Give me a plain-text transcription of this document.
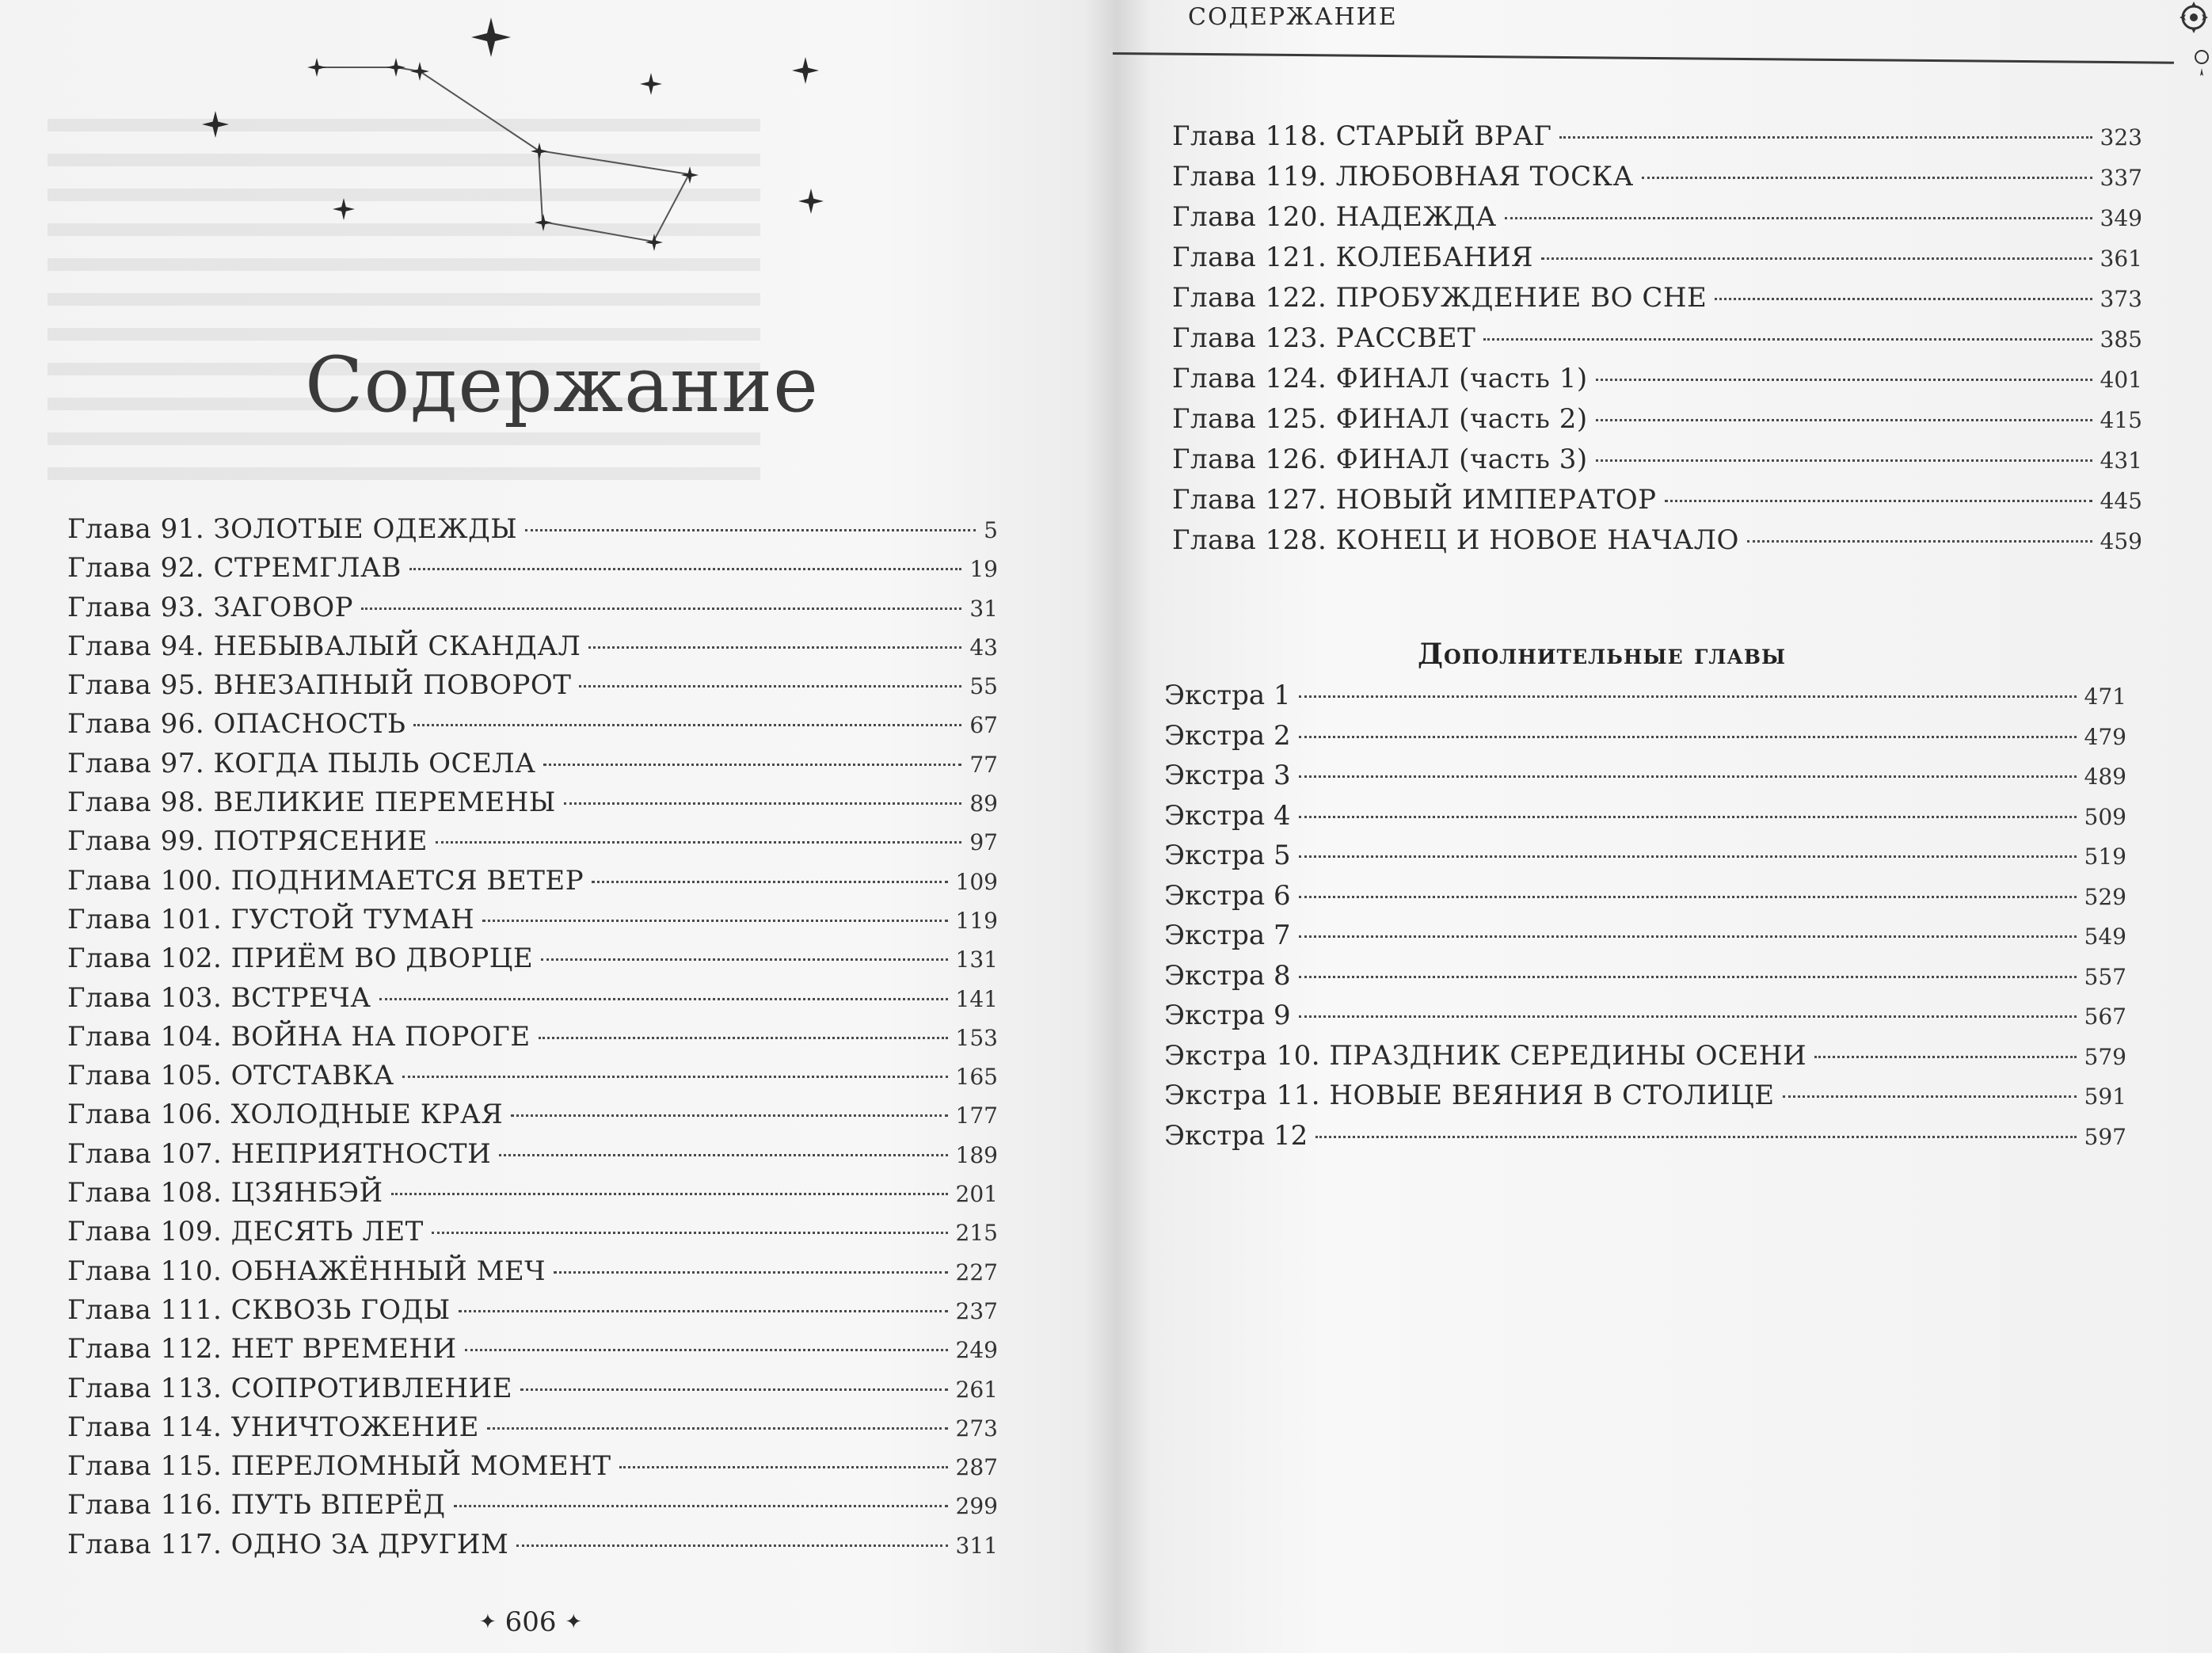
Содержание
Глава 91. ЗОЛОТЫЕ ОДЕЖДЫ	5
Глава 92. СТРЕМГЛАВ	19
Глава 93. ЗАГОВОР	31
Глава 94. НЕБЫВАЛЫЙ СКАНДАЛ	43
Глава 95. ВНЕЗАПНЫЙ ПОВОРОТ	55
Глава 96. ОПАСНОСТЬ	67
Глава 97. КОГДА ПЫЛЬ ОСЕЛА	77
Глава 98. ВЕЛИКИЕ ПЕРЕМЕНЫ	89
Глава 99. ПОТРЯСЕНИЕ	97
Глава 100. ПОДНИМАЕТСЯ ВЕТЕР	109
Глава 101. ГУСТОЙ ТУМАН	119
Глава 102. ПРИЁМ ВО ДВОРЦЕ	131
Глава 103. ВСТРЕЧА	141
Глава 104. ВОЙНА НА ПОРОГЕ	153
Глава 105. ОТСТАВКА	165
Глава 106. ХОЛОДНЫЕ КРАЯ	177
Глава 107. НЕПРИЯТНОСТИ	189
Глава 108. ЦЗЯНБЭЙ	201
Глава 109. ДЕСЯТЬ ЛЕТ	215
Глава 110. ОБНАЖЁННЫЙ МЕЧ	227
Глава 111. СКВОЗЬ ГОДЫ	237
Глава 112. НЕТ ВРЕМЕНИ	249
Глава 113. СОПРОТИВЛЕНИЕ	261
Глава 114. УНИЧТОЖЕНИЕ	273
Глава 115. ПЕРЕЛОМНЫЙ МОМЕНТ	287
Глава 116. ПУТЬ ВПЕРЁД	299
Глава 117. ОДНО ЗА ДРУГИМ	311
✦ 606 ✦
СОДЕРЖАНИЕ
Глава 118. СТАРЫЙ ВРАГ	323
Глава 119. ЛЮБОВНАЯ ТОСКА	337
Глава 120. НАДЕЖДА	349
Глава 121. КОЛЕБАНИЯ	361
Глава 122. ПРОБУЖДЕНИЕ ВО СНЕ	373
Глава 123. РАССВЕТ	385
Глава 124. ФИНАЛ (часть 1)	401
Глава 125. ФИНАЛ (часть 2)	415
Глава 126. ФИНАЛ (часть 3)	431
Глава 127. НОВЫЙ ИМПЕРАТОР	445
Глава 128. КОНЕЦ И НОВОЕ НАЧАЛО	459
Дополнительные главы
Экстра 1	471
Экстра 2	479
Экстра 3	489
Экстра 4	509
Экстра 5	519
Экстра 6	529
Экстра 7	549
Экстра 8	557
Экстра 9	567
Экстра 10. ПРАЗДНИК СЕРЕДИНЫ ОСЕНИ	579
Экстра 11. НОВЫЕ ВЕЯНИЯ В СТОЛИЦЕ	591
Экстра 12	597
